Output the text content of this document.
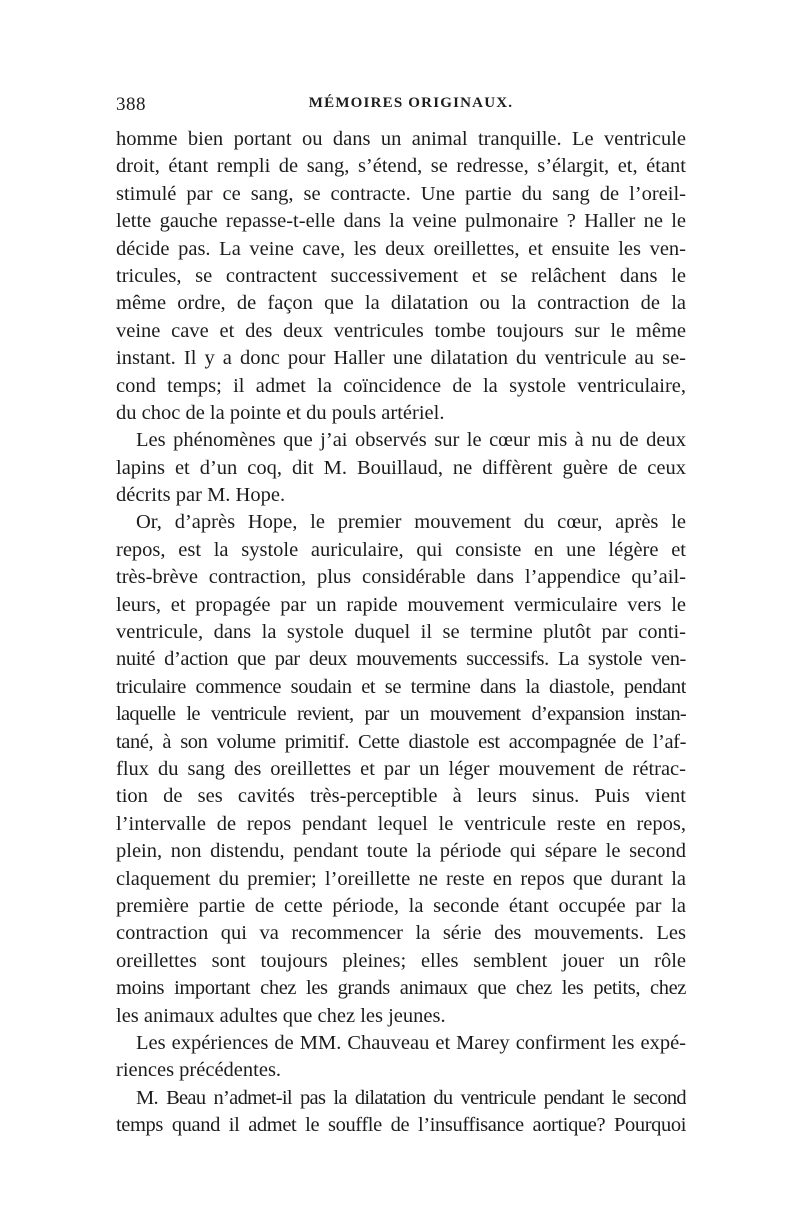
388	MÉMOIRES ORIGINAUX.
homme bien portant ou dans un animal tranquille. Le ventricule
droit, étant rempli de sang, s’étend, se redresse, s’élargit, et, étant
stimulé par ce sang, se contracte. Une partie du sang de l’oreil-
lette gauche repasse-t-elle dans la veine pulmonaire ? Haller ne le
décide pas. La veine cave, les deux oreillettes, et ensuite les ven-
tricules, se contractent successivement et se relâchent dans le
même ordre, de façon que la dilatation ou la contraction de la
veine cave et des deux ventricules tombe toujours sur le même
instant. Il y a donc pour Haller une dilatation du ventricule au se-
cond temps; il admet la coïncidence de la systole ventriculaire,
du choc de la pointe et du pouls artériel.
Les phénomènes que j’ai observés sur le cœur mis à nu de deux
lapins et d’un coq, dit M. Bouillaud, ne diffèrent guère de ceux
décrits par M. Hope.
Or, d’après Hope, le premier mouvement du cœur, après le
repos, est la systole auriculaire, qui consiste en une légère et
très-brève contraction, plus considérable dans l’appendice qu’ail-
leurs, et propagée par un rapide mouvement vermiculaire vers le
ventricule, dans la systole duquel il se termine plutôt par conti-
nuité d’action que par deux mouvements successifs. La systole ven-
triculaire commence soudain et se termine dans la diastole, pendant
laquelle le ventricule revient, par un mouvement d’expansion instan-
tané, à son volume primitif. Cette diastole est accompagnée de l’af-
flux du sang des oreillettes et par un léger mouvement de rétrac-
tion de ses cavités très-perceptible à leurs sinus. Puis vient
l’intervalle de repos pendant lequel le ventricule reste en repos,
plein, non distendu, pendant toute la période qui sépare le second
claquement du premier; l’oreillette ne reste en repos que durant la
première partie de cette période, la seconde étant occupée par la
contraction qui va recommencer la série des mouvements. Les
oreillettes sont toujours pleines; elles semblent jouer un rôle
moins important chez les grands animaux que chez les petits, chez
les animaux adultes que chez les jeunes.
Les expériences de MM. Chauveau et Marey confirment les expé-
riences précédentes.
M. Beau n’admet-il pas la dilatation du ventricule pendant le second
temps quand il admet le souffle de l’insuffisance aortique? Pourquoi
